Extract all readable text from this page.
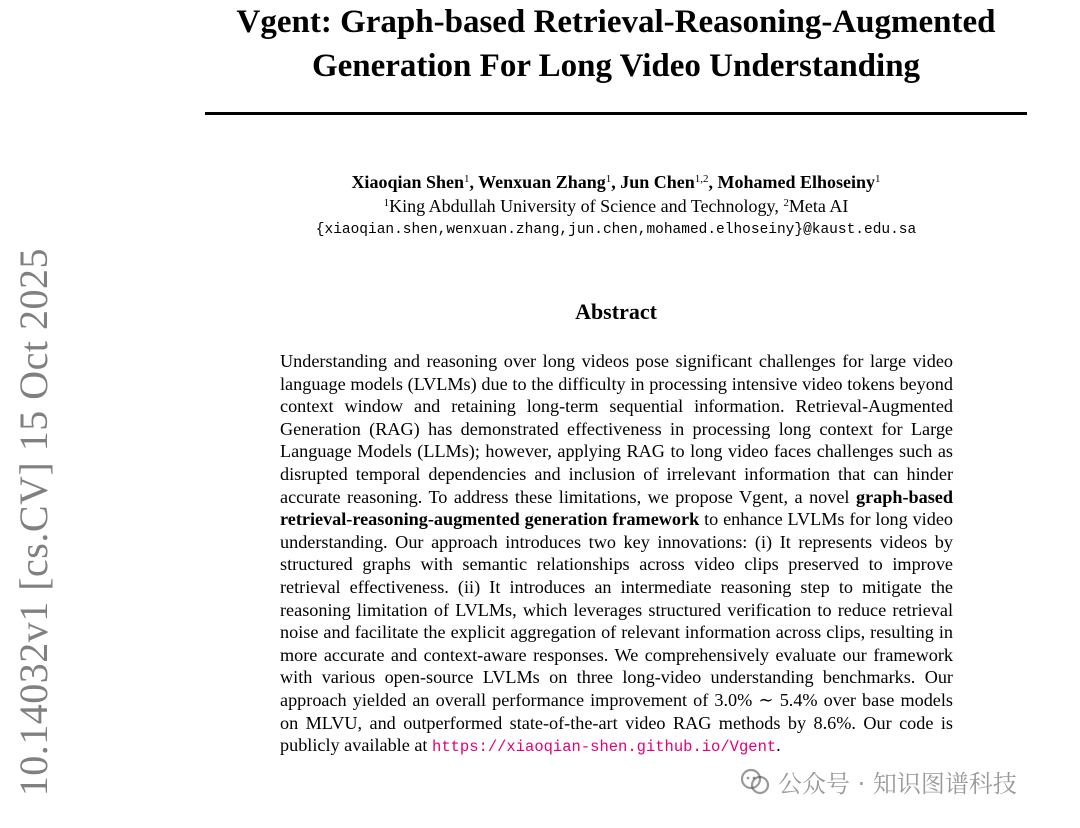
10.14032v1 [cs.CV] 15 Oct 2025
Vgent: Graph-based Retrieval-Reasoning-Augmented
Generation For Long Video Understanding
Xiaoqian Shen$^1$, Wenxuan Zhang$^1$, Jun Chen$^{1,2}$, Mohamed Elhoseiny$^1$
$^1$King Abdullah University of Science and Technology, $^2$Meta AI
{xiaoqian.shen,wenxuan.zhang,jun.chen,mohamed.elhoseiny}@kaust.edu.sa
Abstract

Understanding and reasoning over long videos pose significant challenges for large video language models (LVLMs) due to the difficulty in processing intensive video tokens beyond context window and retaining long-term sequential information. Retrieval-Augmented Generation (RAG) has demonstrated effectiveness in processing long context for Large Language Models (LLMs); however, applying RAG to long video faces challenges such as disrupted temporal dependencies and inclusion of irrelevant information that can hinder accurate reasoning. To address these limitations, we propose Vgent, a novel graph-based retrieval-reasoning-augmented generation framework to enhance LVLMs for long video understanding. Our approach introduces two key innovations: (i) It represents videos by structured graphs with semantic relationships across video clips preserved to improve retrieval effectiveness. (ii) It introduces an intermediate reasoning step to mitigate the reasoning limitation of LVLMs, which leverages structured verification to reduce retrieval noise and facilitate the explicit aggregation of relevant information across clips, resulting in more accurate and context-aware responses. We comprehensively evaluate our framework with various open-source LVLMs on three long-video understanding benchmarks. Our approach yielded an overall performance improvement of 3.0% ∼ 5.4% over base models on MLVU, and outperformed state-of-the-art video RAG methods by 8.6%. Our code is publicly available at https://xiaoqian-shen.github.io/Vgent.

公众号 · 知识图谱科技
